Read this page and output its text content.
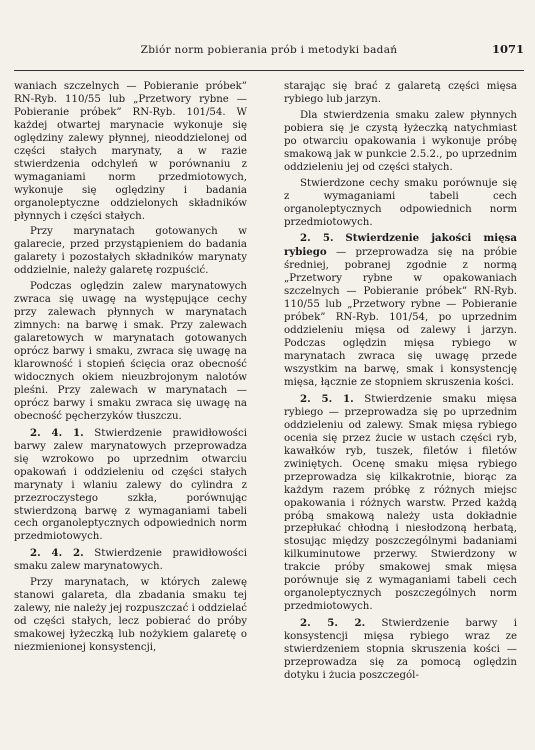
Zbiór norm pobierania prób i metodyki badań	1071

waniach szczelnych — Pobieranie próbek” RN-Ryb. 110/55 lub „Przetwory rybne — Pobieranie próbek” RN-Ryb. 101/54. W każdej otwartej marynacie wykonuje się oględziny zalewy płynnej, nieoddzielonej od części stałych marynaty, a w razie stwierdzenia odchyleń w porównaniu z wymaganiami norm przedmiotowych, wykonuje się oględziny i badania organoleptyczne oddzielonych składników płynnych i części stałych.

Przy marynatach gotowanych w galarecie, przed przystąpieniem do badania galarety i pozostałych składników marynaty oddzielnie, należy galaretę rozpuścić.

Podczas oględzin zalew marynatowych zwraca się uwagę na występujące cechy przy zalewach płynnych w marynatach zimnych: na barwę i smak. Przy zalewach galaretowych w marynatach gotowanych oprócz barwy i smaku, zwraca się uwagę na klarowność i stopień ścięcia oraz obecność widocznych okiem nieuzbrojonym nalotów pleśni. Przy zalewach w marynatach — oprócz barwy i smaku zwraca się uwagę na obecność pęcherzyków tłuszczu.

2. 4. 1. Stwierdzenie prawidłowości barwy zalew marynatowych przeprowadza się wzrokowo po uprzednim otwarciu opakowań i oddzieleniu od części stałych marynaty i wlaniu zalewy do cylindra z przezroczystego szkła, porównując stwierdzoną barwę z wymaganiami tabeli cech organoleptycznych odpowiednich norm przedmiotowych.

2. 4. 2. Stwierdzenie prawidłowości smaku zalew marynatowych.

Przy marynatach, w których zalewę stanowi galareta, dla zbadania smaku tej zalewy, nie należy jej rozpuszczać i oddzielać od części stałych, lecz pobierać do próby smakowej łyżeczką lub nożykiem galaretę o niezmienionej konsystencji,

starając się brać z galaretą części mięsa rybiego lub jarzyn.

Dla stwierdzenia smaku zalew płynnych pobiera się je czystą łyżeczką natychmiast po otwarciu opakowania i wykonuje próbę smakową jak w punkcie 2.5.2., po uprzednim oddzieleniu jej od części stałych.

Stwierdzone cechy smaku porównuje się z wymaganiami tabeli cech organoleptycznych odpowiednich norm przedmiotowych.

2. 5. Stwierdzenie jakości mięsa rybiego — przeprowadza się na próbie średniej, pobranej zgodnie z normą „Przetwory rybne w opakowaniach szczelnych — Pobieranie próbek” RN-Ryb. 110/55 lub „Przetwory rybne — Pobieranie próbek” RN-Ryb. 101/54, po uprzednim oddzieleniu mięsa od zalewy i jarzyn. Podczas oględzin mięsa rybiego w marynatach zwraca się uwagę przede wszystkim na barwę, smak i konsystencję mięsa, łącznie ze stopniem skruszenia kości.

2. 5. 1. Stwierdzenie smaku mięsa rybiego — przeprowadza się po uprzednim oddzieleniu od zalewy. Smak mięsa rybiego ocenia się przez żucie w ustach części ryb, kawałków ryb, tuszek, filetów i filetów zwiniętych. Ocenę smaku mięsa rybiego przeprowadza się kilkakrotnie, biorąc za każdym razem próbkę z różnych miejsc opakowania i różnych warstw. Przed każdą próbą smakową należy usta dokładnie przepłukać chłodną i niesłodzoną herbatą, stosując między poszczególnymi badaniami kilkuminutowe przerwy. Stwierdzony w trakcie próby smakowej smak mięsa porównuje się z wymaganiami tabeli cech organoleptycznych poszczególnych norm przedmiotowych.

2. 5. 2. Stwierdzenie barwy i konsystencji mięsa rybiego wraz ze stwierdzeniem stopnia skruszenia kości — przeprowadza się za pomocą oględzin dotyku i żucia poszczegól-
